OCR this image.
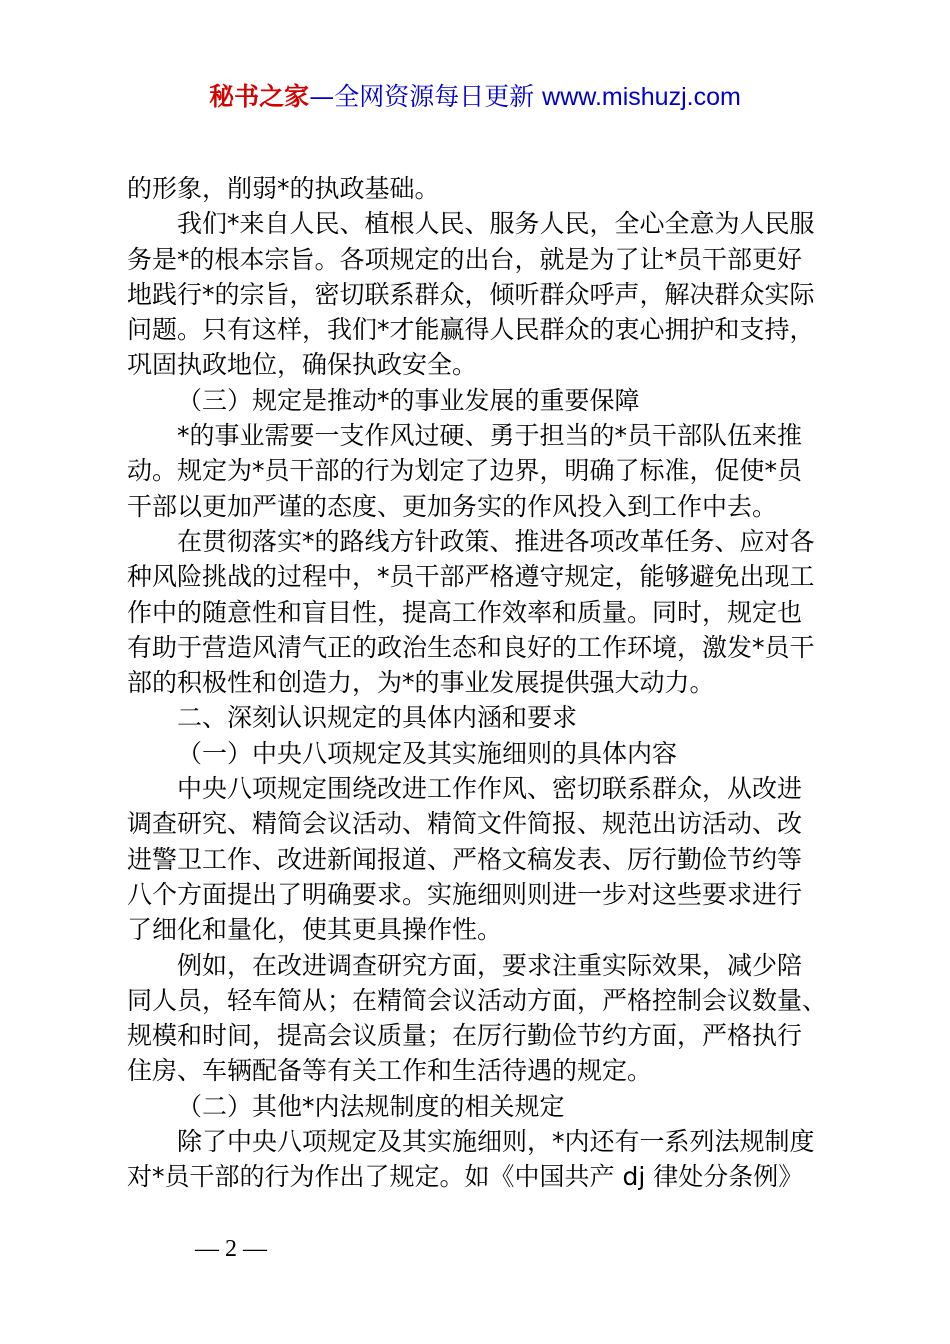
秘书之家—全网资源每日更新 www.mishuzj.com
的形象，削弱*的执政基础。
我们*来自人民、植根人民、服务人民，全心全意为人民服
务是*的根本宗旨。各项规定的出台，就是为了让*员干部更好
地践行*的宗旨，密切联系群众，倾听群众呼声，解决群众实际
问题。只有这样，我们*才能赢得人民群众的衷心拥护和支持，
巩固执政地位，确保执政安全。
（三）规定是推动*的事业发展的重要保障
*的事业需要一支作风过硬、勇于担当的*员干部队伍来推
动。规定为*员干部的行为划定了边界，明确了标准，促使*员
干部以更加严谨的态度、更加务实的作风投入到工作中去。
在贯彻落实*的路线方针政策、推进各项改革任务、应对各
种风险挑战的过程中，*员干部严格遵守规定，能够避免出现工
作中的随意性和盲目性，提高工作效率和质量。同时，规定也
有助于营造风清气正的政治生态和良好的工作环境，激发*员干
部的积极性和创造力，为*的事业发展提供强大动力。
二、深刻认识规定的具体内涵和要求
（一）中央八项规定及其实施细则的具体内容
中央八项规定围绕改进工作作风、密切联系群众，从改进
调查研究、精简会议活动、精简文件简报、规范出访活动、改
进警卫工作、改进新闻报道、严格文稿发表、厉行勤俭节约等
八个方面提出了明确要求。实施细则则进一步对这些要求进行
了细化和量化，使其更具操作性。
例如，在改进调查研究方面，要求注重实际效果，减少陪
同人员，轻车简从；在精简会议活动方面，严格控制会议数量、
规模和时间，提高会议质量；在厉行勤俭节约方面，严格执行
住房、车辆配备等有关工作和生活待遇的规定。
（二）其他*内法规制度的相关规定
除了中央八项规定及其实施细则，*内还有一系列法规制度
对*员干部的行为作出了规定。如《中国共产 dj 律处分条例》
— 2 —
